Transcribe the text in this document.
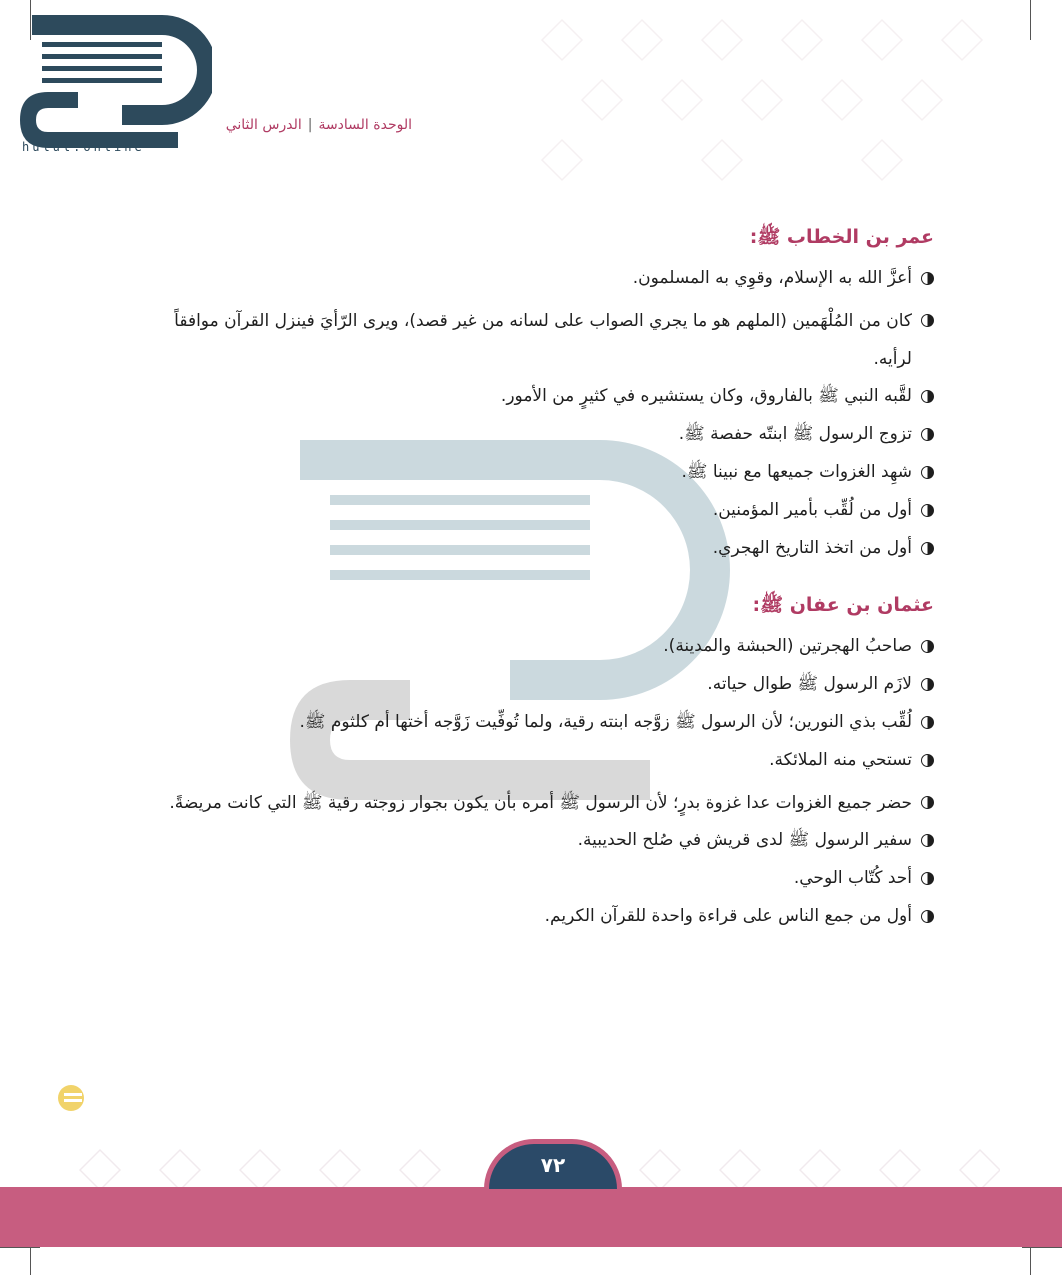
hulul.online
الوحدة السادسة|الدرس الثاني
عمر بن الخطاب ﷺ:
أعزَّ الله به الإسلام، وقوِي به المسلمون.
كان من المُلْهَمين (الملهم هو ما يجري الصواب على لسانه من غير قصد)، ويرى الرّأيَ فينزل القرآن موافقاً لرأيه.
لقَّبه النبي ﷺ بالفاروق، وكان يستشيره في كثيرٍ من الأمور.
تزوج الرسول ﷺ ابنتّه حفصة ﷺ.
شهِد الغزوات جميعها مع نبينا ﷺ.
أول من لُقِّب بأمير المؤمنين.
أول من اتخذ التاريخ الهجري.
عثمان بن عفان ﷺ:
صاحبُ الهجرتين (الحبشة والمدينة).
لازَم الرسول ﷺ طوال حياته.
لُقِّب بذي النورين؛ لأن الرسول ﷺ زوَّجه ابنته رقية، ولما تُوفِّيت زَوَّجه أختها أم كلثوم ﷺ.
تستحي منه الملائكة.
حضر جميع الغزوات عدا غزوة بدرٍ؛ لأن الرسول ﷺ أمره بأن يكون بجوار زوجته رقية ﷺ التي كانت مريضةً.
سفير الرسول ﷺ لدى قريش في صُلح الحديبية.
أحد كُتّاب الوحي.
أول من جمع الناس على قراءة واحدة للقرآن الكريم.
٧٢
